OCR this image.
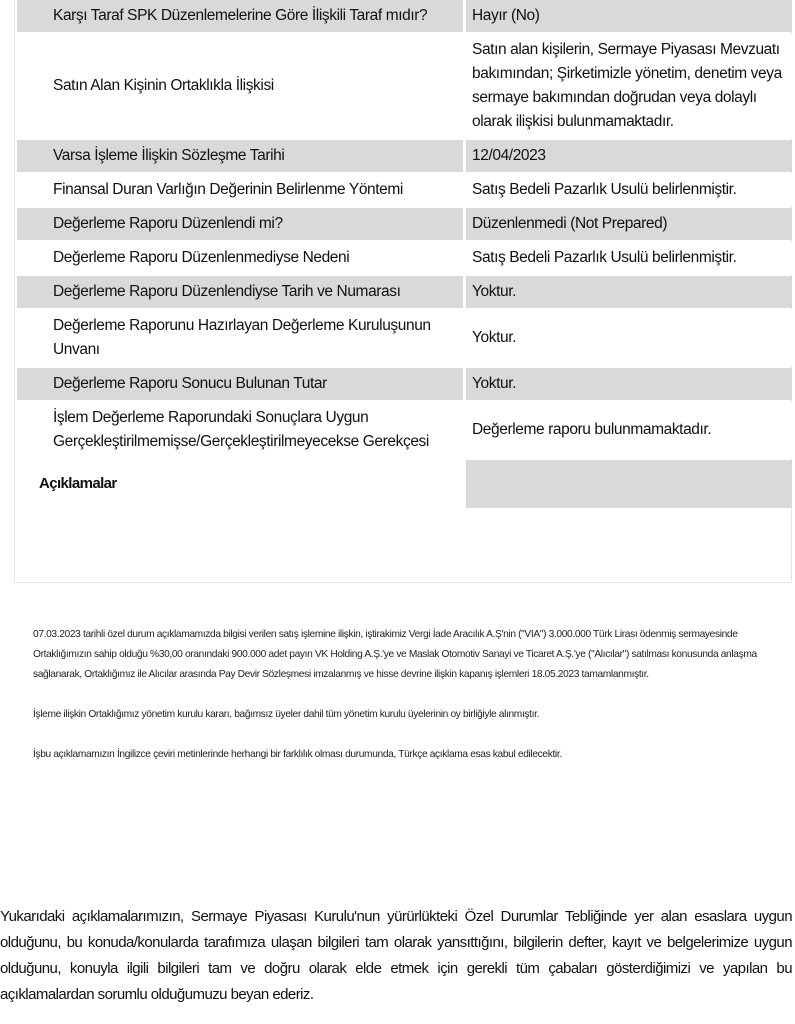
Karşı Taraf SPK Düzenlemelerine Göre İlişkili Taraf mıdır?	Hayır (No)
Satın Alan Kişinin Ortaklıkla İlişkisi	Satın alan kişilerin, Sermaye Piyasası Mevzuatı bakımından; Şirketimizle yönetim, denetim veya sermaye bakımından doğrudan veya dolaylı olarak ilişkisi bulunmamaktadır.
Varsa İşleme İlişkin Sözleşme Tarihi	12/04/2023
Finansal Duran Varlığın Değerinin Belirlenme Yöntemi	Satış Bedeli Pazarlık Usulü belirlenmiştir.
Değerleme Raporu Düzenlendi mi?	Düzenlenmedi (Not Prepared)
Değerleme Raporu Düzenlenmediyse Nedeni	Satış Bedeli Pazarlık Usulü belirlenmiştir.
Değerleme Raporu Düzenlendiyse Tarih ve Numarası	Yoktur.
Değerleme Raporunu Hazırlayan Değerleme Kuruluşunun Unvanı	Yoktur.
Değerleme Raporu Sonucu Bulunan Tutar	Yoktur.
İşlem Değerleme Raporundaki Sonuçlara Uygun Gerçekleştirilmemişse/Gerçekleştirilmeyecekse Gerekçesi	Değerleme raporu bulunmamaktadır.
Açıklamalar	

07.03.2023 tarihli özel durum açıklamamızda bilgisi verilen satış işlemine ilişkin, iştirakimiz Vergi İade Aracılık A.Ş'nin ("VIA") 3.000.000 Türk Lirası ödenmiş sermayesinde Ortaklığımızın sahip olduğu %30,00 oranındaki 900.000 adet payın VK Holding A.Ş.'ye ve Maslak Otomotiv Sanayi ve Ticaret A.Ş.'ye ("Alıcılar") satılması konusunda anlaşma sağlanarak, Ortaklığımız ile Alıcılar arasında Pay Devir Sözleşmesi imzalanmış ve hisse devrine ilişkin kapanış işlemleri 18.05.2023 tamamlanmıştır.

İşleme ilişkin Ortaklığımız yönetim kurulu kararı, bağımsız üyeler dahil tüm yönetim kurulu üyelerinin oy birliğiyle alınmıştır.

İşbu açıklamamızın İngilizce çeviri metinlerinde herhangi bir farklılık olması durumunda, Türkçe açıklama esas kabul edilecektir.

Yukarıdaki açıklamalarımızın, Sermaye Piyasası Kurulu'nun yürürlükteki Özel Durumlar Tebliğinde yer alan esaslara uygun olduğunu, bu konuda/konularda tarafımıza ulaşan bilgileri tam olarak yansıttığını, bilgilerin defter, kayıt ve belgelerimize uygun olduğunu, konuyla ilgili bilgileri tam ve doğru olarak elde etmek için gerekli tüm çabaları gösterdiğimizi ve yapılan bu açıklamalardan sorumlu olduğumuzu beyan ederiz.
